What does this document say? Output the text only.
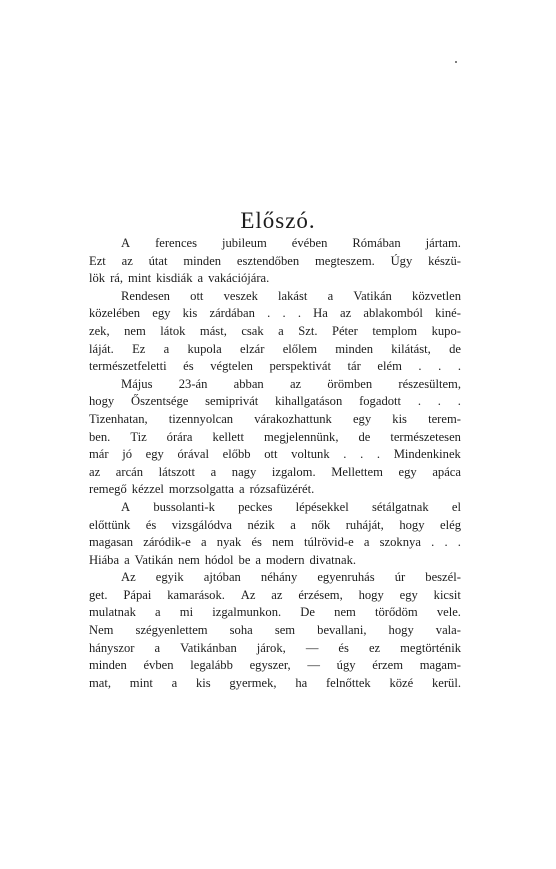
Előszó.
A ferences jubileum évében Rómában jártam.
Ezt az útat minden esztendőben megteszem. Úgy készü-
lök rá, mint kisdiák a vakációjára.
Rendesen ott veszek lakást a Vatikán közvetlen
közelében egy kis zárdában . . . Ha az ablakomból kiné-
zek, nem látok mást, csak a Szt. Péter templom kupo-
láját. Ez a kupola elzár előlem minden kilátást, de
természetfeletti és végtelen perspektivát tár elém . . .
Május 23-án abban az örömben részesültem,
hogy Őszentsége semiprivát kihallgatáson fogadott . . .
Tizenhatan, tizennyolcan várakozhattunk egy kis terem-
ben. Tiz órára kellett megjelennünk, de természetesen
már jó egy órával előbb ott voltunk . . . Mindenkinek
az arcán látszott a nagy izgalom. Mellettem egy apáca
remegő kézzel morzsolgatta a rózsafüzérét.
A bussolanti-k peckes lépésekkel sétálgatnak el
előttünk és vizsgálódva nézik a nők ruháját, hogy elég
magasan záródik-e a nyak és nem túlrövid-e a szoknya . . .
Hiába a Vatikán nem hódol be a modern divatnak.
Az egyik ajtóban néhány egyenruhás úr beszél-
get. Pápai kamarások. Az az érzésem, hogy egy kicsit
mulatnak a mi izgalmunkon. De nem törődöm vele.
Nem szégyenlettem soha sem bevallani, hogy vala-
hányszor a Vatikánban járok, — és ez megtörténik
minden évben legalább egyszer, — úgy érzem magam-
mat, mint a kis gyermek, ha felnőttek közé kerül.
